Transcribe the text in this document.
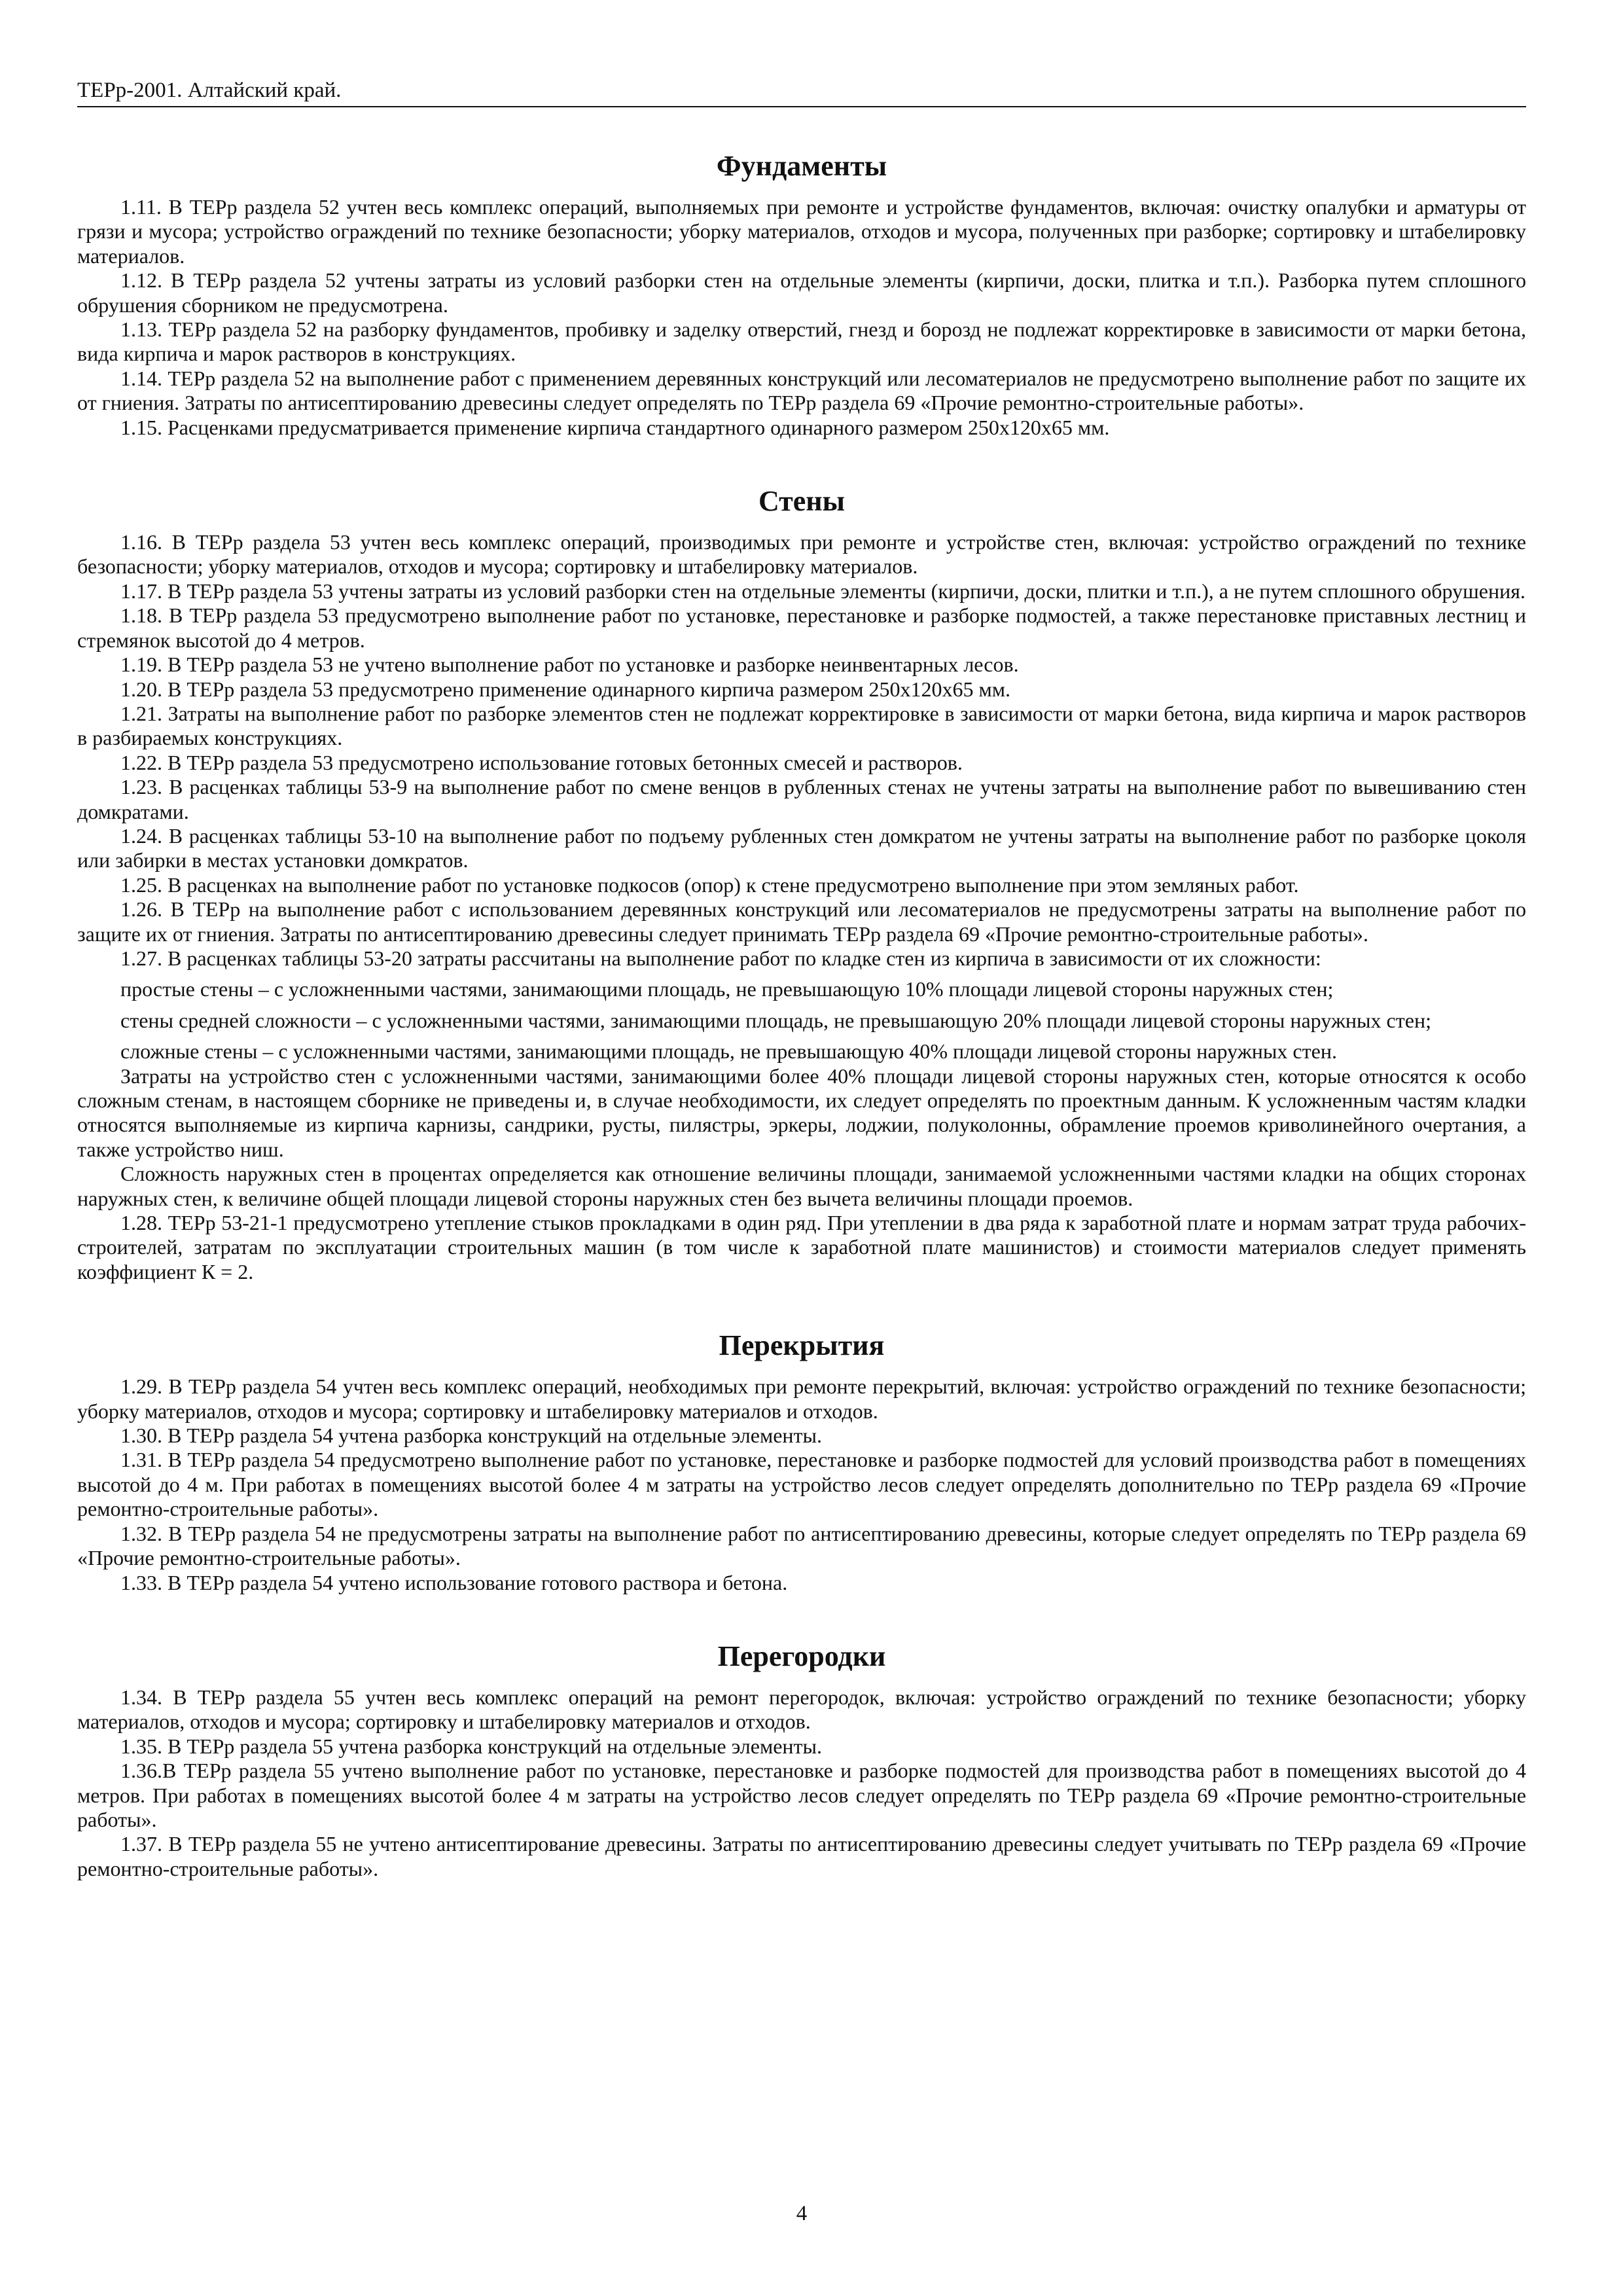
ТЕРр-2001. Алтайский край.
Фундаменты

1.11. В ТЕРр раздела 52 учтен весь комплекс операций, выполняемых при ремонте и устройстве фундаментов, включая: очистку опалубки и арматуры от грязи и мусора; устройство ограждений по технике безопасности; уборку материалов, отходов и мусора, полученных при разборке; сортировку и штабелировку материалов.

1.12. В ТЕРр раздела 52 учтены затраты из условий разборки стен на отдельные элементы (кирпичи, доски, плитка и т.п.). Разборка путем сплошного обрушения сборником не предусмотрена.

1.13. ТЕРр раздела 52 на разборку фундаментов, пробивку и заделку отверстий, гнезд и борозд не подлежат корректировке в зависимости от марки бетона, вида кирпича и марок растворов в конструкциях.

1.14. ТЕРр раздела 52 на выполнение работ с применением деревянных конструкций или лесоматериалов не предусмотрено выполнение работ по защите их от гниения. Затраты по антисептированию древесины следует определять по ТЕРр раздела 69 «Прочие ремонтно-строительные работы».

1.15. Расценками предусматривается применение кирпича стандартного одинарного размером 250х120х65 мм.

Стены

1.16. В ТЕРр раздела 53 учтен весь комплекс операций, производимых при ремонте и устройстве стен, включая: устройство ограждений по технике безопасности; уборку материалов, отходов и мусора; сортировку и штабелировку материалов.

1.17. В ТЕРр раздела 53 учтены затраты из условий разборки стен на отдельные элементы (кирпичи, доски, плитки и т.п.), а не путем сплошного обрушения.

1.18. В ТЕРр раздела 53 предусмотрено выполнение работ по установке, перестановке и разборке подмостей, а также перестановке приставных лестниц и стремянок высотой до 4 метров.

1.19. В ТЕРр раздела 53 не учтено выполнение работ по установке и разборке неинвентарных лесов.

1.20. В ТЕРр раздела 53 предусмотрено применение одинарного кирпича размером 250х120х65 мм.

1.21. Затраты на выполнение работ по разборке элементов стен не подлежат корректировке в зависимости от марки бетона, вида кирпича и марок растворов в разбираемых конструкциях.

1.22. В ТЕРр раздела 53 предусмотрено использование готовых бетонных смесей и растворов.

1.23. В расценках таблицы 53-9 на выполнение работ по смене венцов в рубленных стенах не учтены затраты на выполнение работ по вывешиванию стен домкратами.

1.24. В расценках таблицы 53-10 на выполнение работ по подъему рубленных стен домкратом не учтены затраты на выполнение работ по разборке цоколя или забирки в местах установки домкратов.

1.25. В расценках на выполнение работ по установке подкосов (опор) к стене предусмотрено выполнение при этом земляных работ.

1.26. В ТЕРр на выполнение работ с использованием деревянных конструкций или лесоматериалов не предусмотрены затраты на выполнение работ по защите их от гниения. Затраты по антисептированию древесины следует принимать ТЕРр раздела 69 «Прочие ремонтно-строительные работы».

1.27. В расценках таблицы 53-20 затраты рассчитаны на выполнение работ по кладке стен из кирпича в зависимости от их сложности:

простые стены – с усложненными частями, занимающими площадь, не превышающую 10% площади лицевой стороны наружных стен;

стены средней сложности – с усложненными частями, занимающими площадь, не превышающую 20% площади лицевой стороны наружных стен;

сложные стены – с усложненными частями, занимающими площадь, не превышающую 40% площади лицевой стороны наружных стен.

Затраты на устройство стен с усложненными частями, занимающими более 40% площади лицевой стороны наружных стен, которые относятся к особо сложным стенам, в настоящем сборнике не приведены и, в случае необходимости, их следует определять по проектным данным. К усложненным частям кладки относятся выполняемые из кирпича карнизы, сандрики, русты, пилястры, эркеры, лоджии, полуколонны, обрамление проемов криволинейного очертания, а также устройство ниш.

Сложность наружных стен в процентах определяется как отношение величины площади, занимаемой усложненными частями кладки на общих сторонах наружных стен, к величине общей площади лицевой стороны наружных стен без вычета величины площади проемов.

1.28. ТЕРр 53-21-1 предусмотрено утепление стыков прокладками в один ряд. При утеплении в два ряда к заработной плате и нормам затрат труда рабочих-строителей, затратам по эксплуатации строительных машин (в том числе к заработной плате машинистов) и стоимости материалов следует применять коэффициент К = 2.

Перекрытия

1.29. В ТЕРр раздела 54 учтен весь комплекс операций, необходимых при ремонте перекрытий, включая: устройство ограждений по технике безопасности; уборку материалов, отходов и мусора; сортировку и штабелировку материалов и отходов.

1.30. В ТЕРр раздела 54 учтена разборка конструкций на отдельные элементы.

1.31. В ТЕРр раздела 54 предусмотрено выполнение работ по установке, перестановке и разборке подмостей для условий производства работ в помещениях высотой до 4 м. При работах в помещениях высотой более 4 м затраты на устройство лесов следует определять дополнительно по ТЕРр раздела 69 «Прочие ремонтно-строительные работы».

1.32. В ТЕРр раздела 54 не предусмотрены затраты на выполнение работ по антисептированию древесины, которые следует определять по ТЕРр раздела 69 «Прочие ремонтно-строительные работы».

1.33. В ТЕРр раздела 54 учтено использование готового раствора и бетона.

Перегородки

1.34. В ТЕРр раздела 55 учтен весь комплекс операций на ремонт перегородок, включая: устройство ограждений по технике безопасности; уборку материалов, отходов и мусора; сортировку и штабелировку материалов и отходов.

1.35. В ТЕРр раздела 55 учтена разборка конструкций на отдельные элементы.

1.36.В ТЕРр раздела 55 учтено выполнение работ по установке, перестановке и разборке подмостей для производства работ в помещениях высотой до 4 метров. При работах в помещениях высотой более 4 м затраты на устройство лесов следует определять по ТЕРр раздела 69 «Прочие ремонтно-строительные работы».

1.37. В ТЕРр раздела 55 не учтено антисептирование древесины. Затраты по антисептированию древесины следует учитывать по ТЕРр раздела 69 «Прочие ремонтно-строительные работы».

4
